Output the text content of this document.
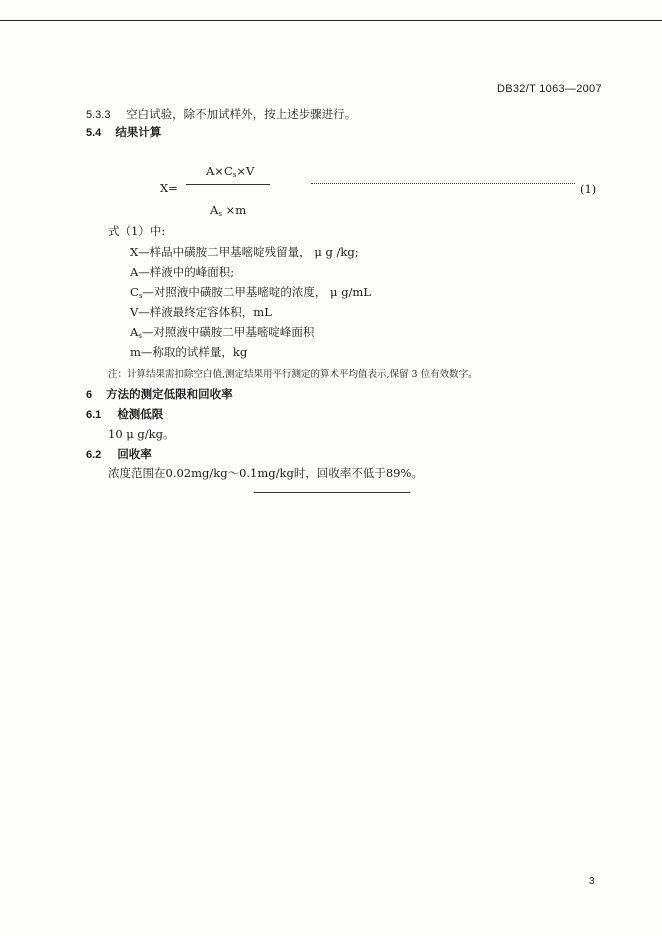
DB32/T 1063—2007
5.3.3 空白试验，除不加试样外，按上述步骤进行。
5.4 结果计算
$A\times C_s\times V$
X=	(1)
$A_s \times m$
式（1）中:
X—样品中磺胺二甲基嘧啶残留量， μ g /kg;
A—样液中的峰面积;
$C_s—$对照液中磺胺二甲基嘧啶的浓度， μ g/mL
V—样液最终定容体积，mL
$A_s—$对照液中磺胺二甲基嘧啶峰面积
m—称取的试样量，kg
注：计算结果需扣除空白值,测定结果用平行测定的算术平均值表示,保留 3 位有效数字。
6 方法的测定低限和回收率
6.1 检测低限
10 μ g/kg。
6.2 回收率
浓度范围在0.02mg/kg～0.1mg/kg时，回收率不低于89%。
3
